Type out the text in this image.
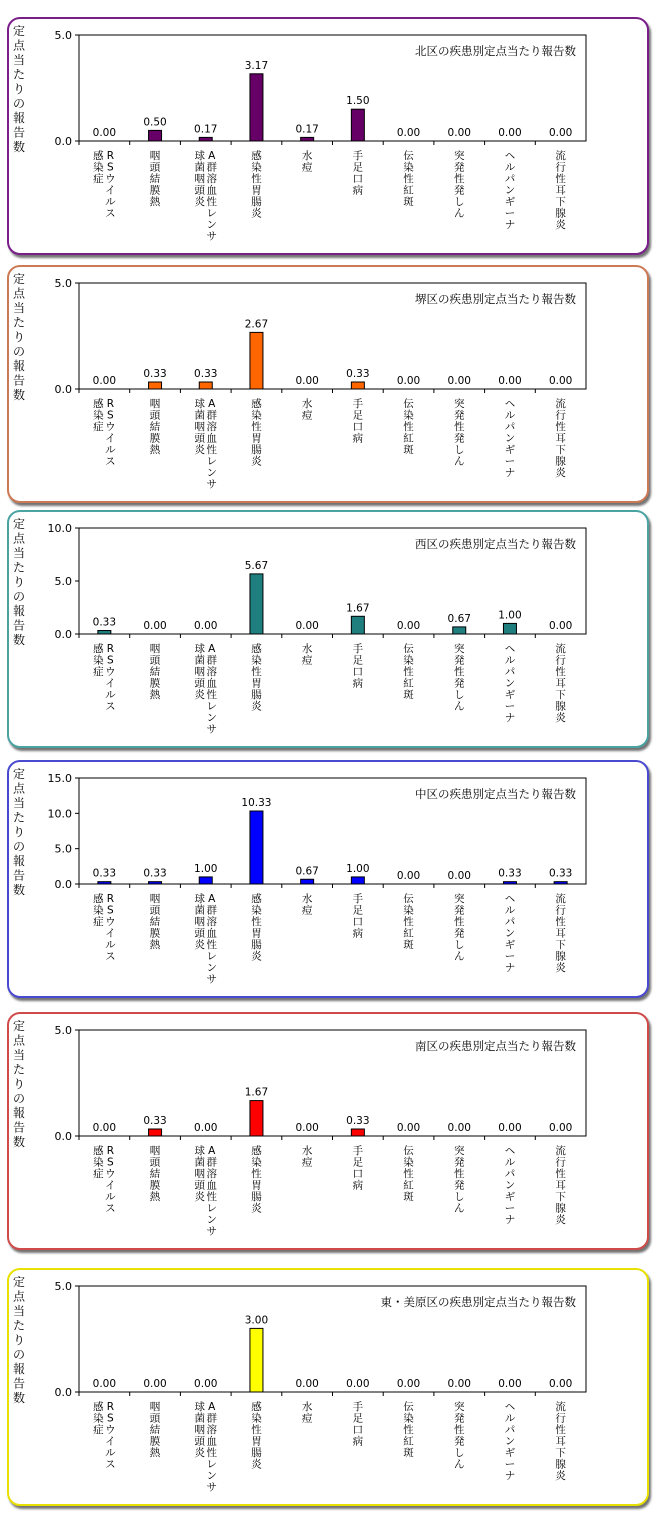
定点当たりの報告数	0.0
5.0
北区の疾患別定点当たり報告数
0.00
R S ウイルス
感染症
0.50
咽頭結膜熱
0.17
A 群溶血性レンサ
球菌咽頭炎
3.17
感染性胃腸炎
0.17
水痘
1.50
手足口病
0.00
伝染性紅斑
0.00
突発性発しん
0.00
ヘルパンギーナ
0.00
流行性耳下腺炎
定点当たりの報告数	0.0
5.0
堺区の疾患別定点当たり報告数
0.00
R S ウイルス
感染症
0.33
咽頭結膜熱
0.33
A 群溶血性レンサ
球菌咽頭炎
2.67
感染性胃腸炎
0.00
水痘
0.33
手足口病
0.00
伝染性紅斑
0.00
突発性発しん
0.00
ヘルパンギーナ
0.00
流行性耳下腺炎
定点当たりの報告数	0.0
5.0
10.0
西区の疾患別定点当たり報告数
0.33
R S ウイルス
感染症
0.00
咽頭結膜熱
0.00
A 群溶血性レンサ
球菌咽頭炎
5.67
感染性胃腸炎
0.00
水痘
1.67
手足口病
0.00
伝染性紅斑
0.67
突発性発しん
1.00
ヘルパンギーナ
0.00
流行性耳下腺炎
定点当たりの報告数	0.0
5.0
10.0
15.0
中区の疾患別定点当たり報告数
0.33
R S ウイルス
感染症
0.33
咽頭結膜熱
1.00
A 群溶血性レンサ
球菌咽頭炎
10.33
感染性胃腸炎
0.67
水痘
1.00
手足口病
0.00
伝染性紅斑
0.00
突発性発しん
0.33
ヘルパンギーナ
0.33
流行性耳下腺炎
定点当たりの報告数	0.0
5.0
南区の疾患別定点当たり報告数
0.00
R S ウイルス
感染症
0.33
咽頭結膜熱
0.00
A 群溶血性レンサ
球菌咽頭炎
1.67
感染性胃腸炎
0.00
水痘
0.33
手足口病
0.00
伝染性紅斑
0.00
突発性発しん
0.00
ヘルパンギーナ
0.00
流行性耳下腺炎
定点当たりの報告数	0.0
5.0
東・美原区の疾患別定点当たり報告数
0.00
R S ウイルス
感染症
0.00
咽頭結膜熱
0.00
A 群溶血性レンサ
球菌咽頭炎
3.00
感染性胃腸炎
0.00
水痘
0.00
手足口病
0.00
伝染性紅斑
0.00
突発性発しん
0.00
ヘルパンギーナ
0.00
流行性耳下腺炎
